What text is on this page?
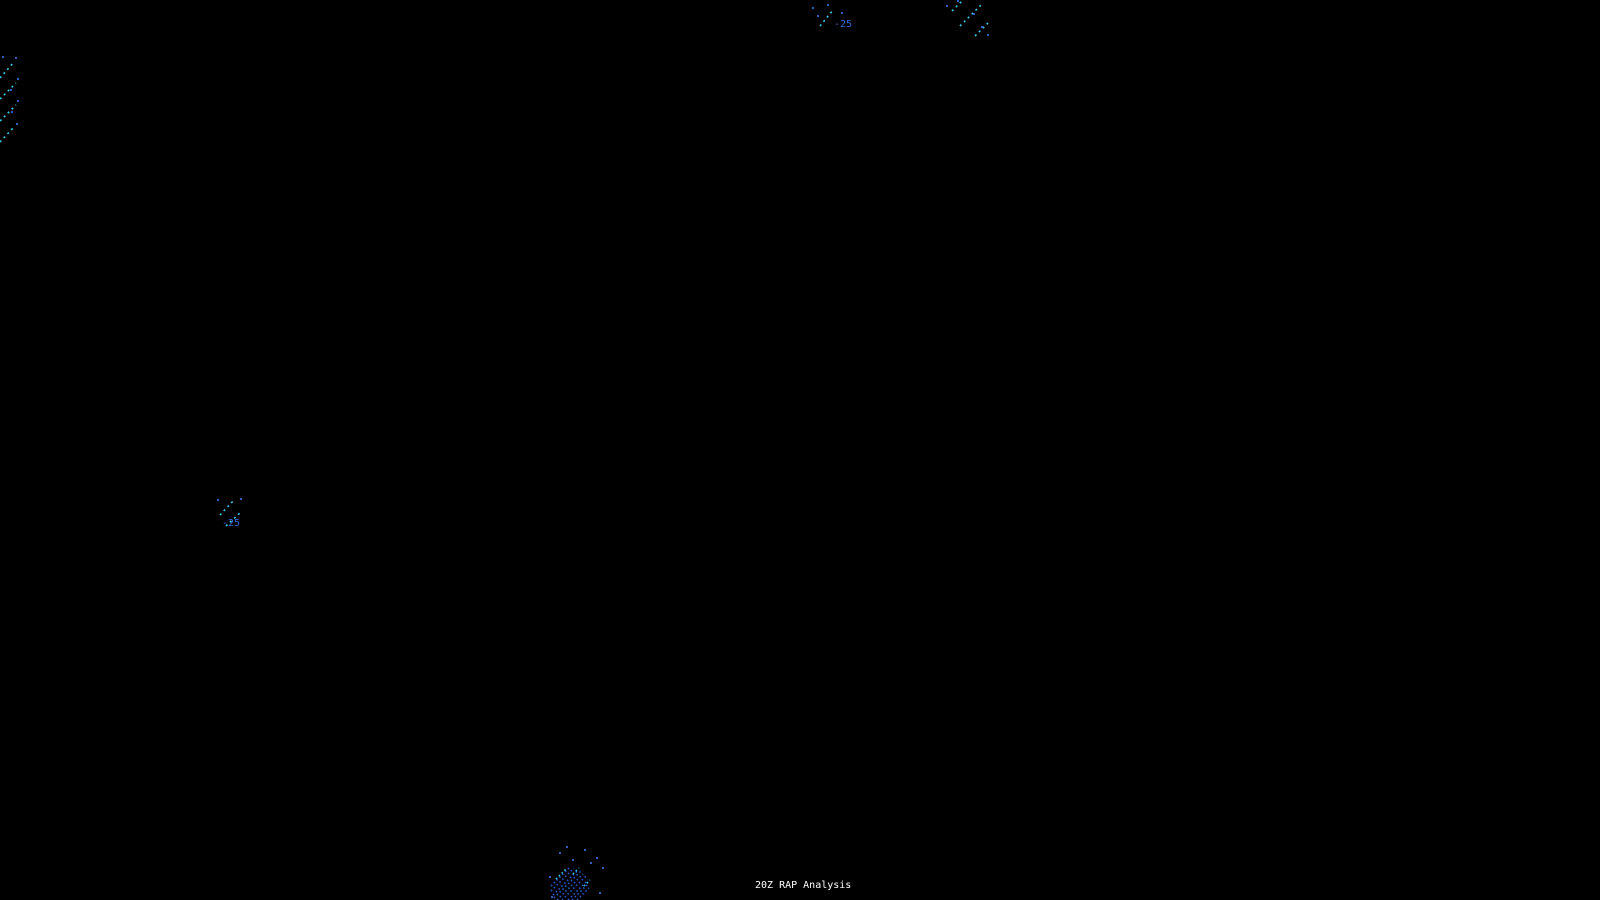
-25
-25
20Z RAP Analysis
